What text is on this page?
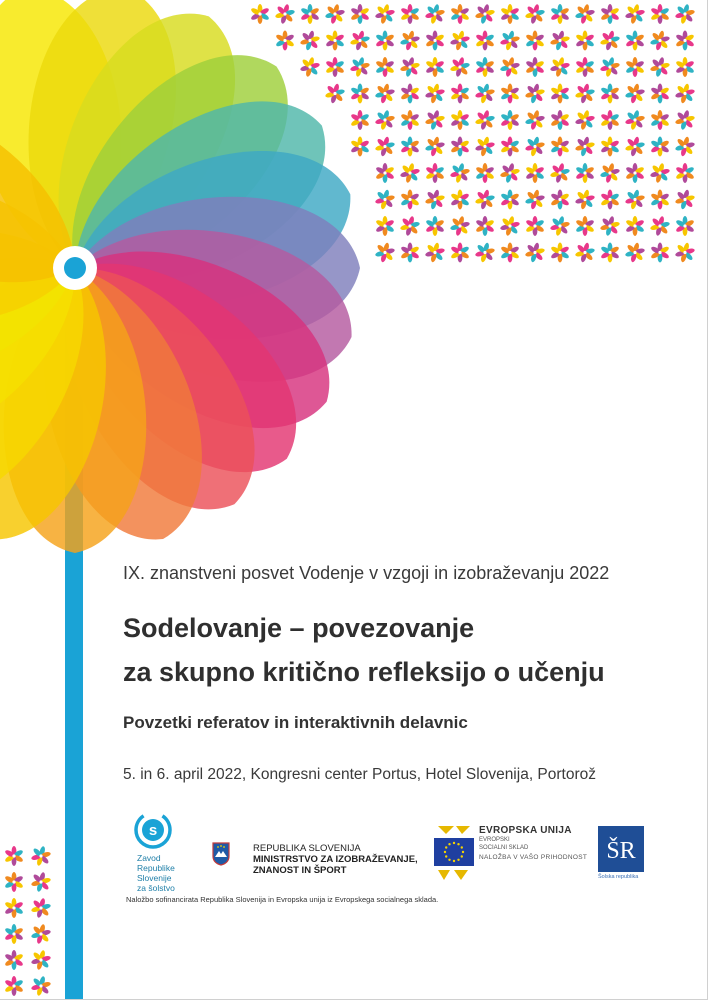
IX. znanstveni posvet Vodenje v vzgoji in izobraževanju 2022
Sodelovanje – povezovanje
za skupno kritično refleksijo o učenju
Povzetki referatov in interaktivnih delavnic
5. in 6. april 2022, Kongresni center Portus, Hotel Slovenija, Portorož
s
Zavod
Republike
Slovenije
za šolstvo
REPUBLIKA SLOVENIJA
MINISTRSTVO ZA IZOBRAŽEVANJE,
ZNANOST IN ŠPORT
EVROPSKA UNIJA
EVROPSKI
SOCIALNI SKLAD
NALOŽBA V VAŠO PRIHODNOST ŠR
Šolska republika
Naložbo sofinancirata Republika Slovenija in Evropska unija iz Evropskega socialnega sklada.
